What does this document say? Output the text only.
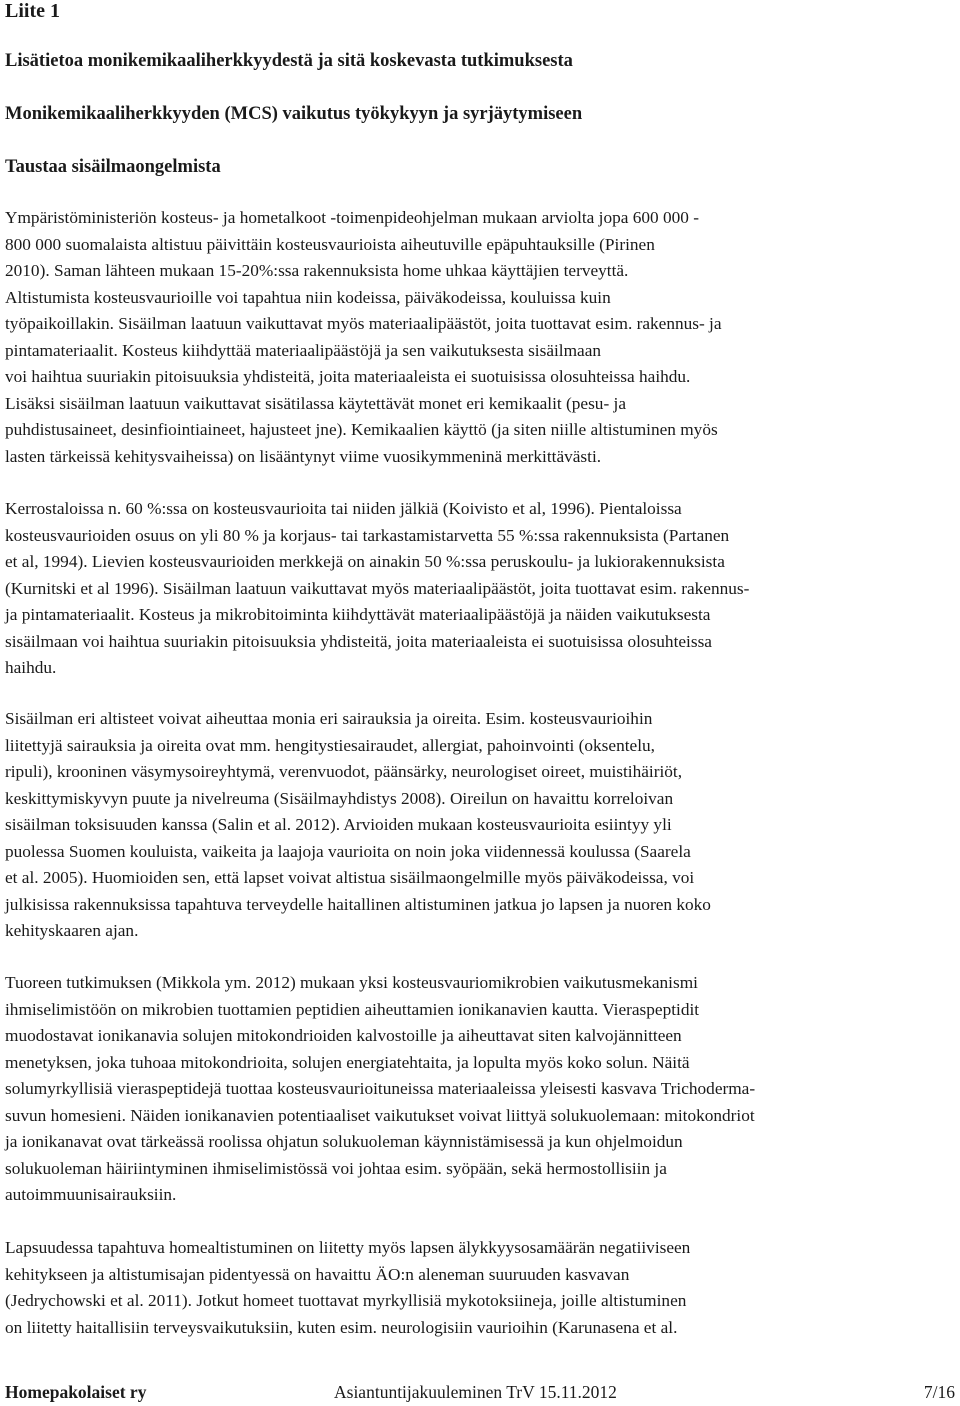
Liite 1

Lisätietoa monikemikaaliherkkyydestä ja sitä koskevasta tutkimuksesta
Monikemikaaliherkkyyden (MCS) vaikutus työkykyyn ja syrjäytymiseen
Taustaa sisäilmaongelmista

Ympäristöministeriön kosteus- ja hometalkoot -toimenpideohjelman mukaan arviolta jopa 600 000 -
800 000 suomalaista altistuu päivittäin kosteusvaurioista aiheutuville epäpuhtauksille (Pirinen
2010). Saman lähteen mukaan 15-20%:ssa rakennuksista home uhkaa käyttäjien terveyttä.
Altistumista kosteusvaurioille voi tapahtua niin kodeissa, päiväkodeissa, kouluissa kuin
työpaikoillakin. Sisäilman laatuun vaikuttavat myös materiaalipäästöt, joita tuottavat esim. rakennus- ja
pintamateriaalit. Kosteus kiihdyttää materiaalipäästöjä ja sen vaikutuksesta sisäilmaan
voi haihtua suuriakin pitoisuuksia yhdisteitä, joita materiaaleista ei suotuisissa olosuhteissa haihdu.
Lisäksi sisäilman laatuun vaikuttavat sisätilassa käytettävät monet eri kemikaalit (pesu- ja
puhdistusaineet, desinfiointiaineet, hajusteet jne). Kemikaalien käyttö (ja siten niille altistuminen myös
lasten tärkeissä kehitysvaiheissa) on lisääntynyt viime vuosikymmeninä merkittävästi.

Kerrostaloissa n. 60 %:ssa on kosteusvaurioita tai niiden jälkiä (Koivisto et al, 1996). Pientaloissa
kosteusvaurioiden osuus on yli 80 % ja korjaus- tai tarkastamistarvetta 55 %:ssa rakennuksista (Partanen
et al, 1994). Lievien kosteusvaurioiden merkkejä on ainakin 50 %:ssa peruskoulu- ja lukiorakennuksista
(Kurnitski et al 1996). Sisäilman laatuun vaikuttavat myös materiaalipäästöt, joita tuottavat esim. rakennus-
ja pintamateriaalit. Kosteus ja mikrobitoiminta kiihdyttävät materiaalipäästöjä ja näiden vaikutuksesta
sisäilmaan voi haihtua suuriakin pitoisuuksia yhdisteitä, joita materiaaleista ei suotuisissa olosuhteissa
haihdu.

Sisäilman eri altisteet voivat aiheuttaa monia eri sairauksia ja oireita. Esim. kosteusvaurioihin
liitettyjä sairauksia ja oireita ovat mm. hengitystiesairaudet, allergiat, pahoinvointi (oksentelu,
ripuli), krooninen väsymysoireyhtymä, verenvuodot, päänsärky, neurologiset oireet, muistihäiriöt,
keskittymiskyvyn puute ja nivelreuma (Sisäilmayhdistys 2008). Oireilun on havaittu korreloivan
sisäilman toksisuuden kanssa (Salin et al. 2012). Arvioiden mukaan kosteusvaurioita esiintyy yli
puolessa Suomen kouluista, vaikeita ja laajoja vaurioita on noin joka viidennessä koulussa (Saarela
et al. 2005). Huomioiden sen, että lapset voivat altistua sisäilmaongelmille myös päiväkodeissa, voi
julkisissa rakennuksissa tapahtuva terveydelle haitallinen altistuminen jatkua jo lapsen ja nuoren koko
kehityskaaren ajan.

Tuoreen tutkimuksen (Mikkola ym. 2012) mukaan yksi kosteusvauriomikrobien vaikutusmekanismi
ihmiselimistöön on mikrobien tuottamien peptidien aiheuttamien ionikanavien kautta. Vieraspeptidit
muodostavat ionikanavia solujen mitokondrioiden kalvostoille ja aiheuttavat siten kalvojännitteen
menetyksen, joka tuhoaa mitokondrioita, solujen energiatehtaita, ja lopulta myös koko solun. Näitä
solumyrkyllisiä vieraspeptidejä tuottaa kosteusvaurioituneissa materiaaleissa yleisesti kasvava Trichoderma-
suvun homesieni. Näiden ionikanavien potentiaaliset vaikutukset voivat liittyä solukuolemaan: mitokondriot
ja ionikanavat ovat tärkeässä roolissa ohjatun solukuoleman käynnistämisessä ja kun ohjelmoidun
solukuoleman häiriintyminen ihmiselimistössä voi johtaa esim. syöpään, sekä hermostollisiin ja
autoimmuunisairauksiin.

Lapsuudessa tapahtuva homealtistuminen on liitetty myös lapsen älykkyysosamäärän negatiiviseen
kehitykseen ja altistumisajan pidentyessä on havaittu ÄO:n aleneman suuruuden kasvavan
(Jedrychowski et al. 2011). Jotkut homeet tuottavat myrkyllisiä mykotoksiineja, joille altistuminen
on liitetty haitallisiin terveysvaikutuksiin, kuten esim. neurologisiin vaurioihin (Karunasena et al.

Homepakolaiset ry	Asiantuntijakuuleminen TrV 15.11.2012	7/16
